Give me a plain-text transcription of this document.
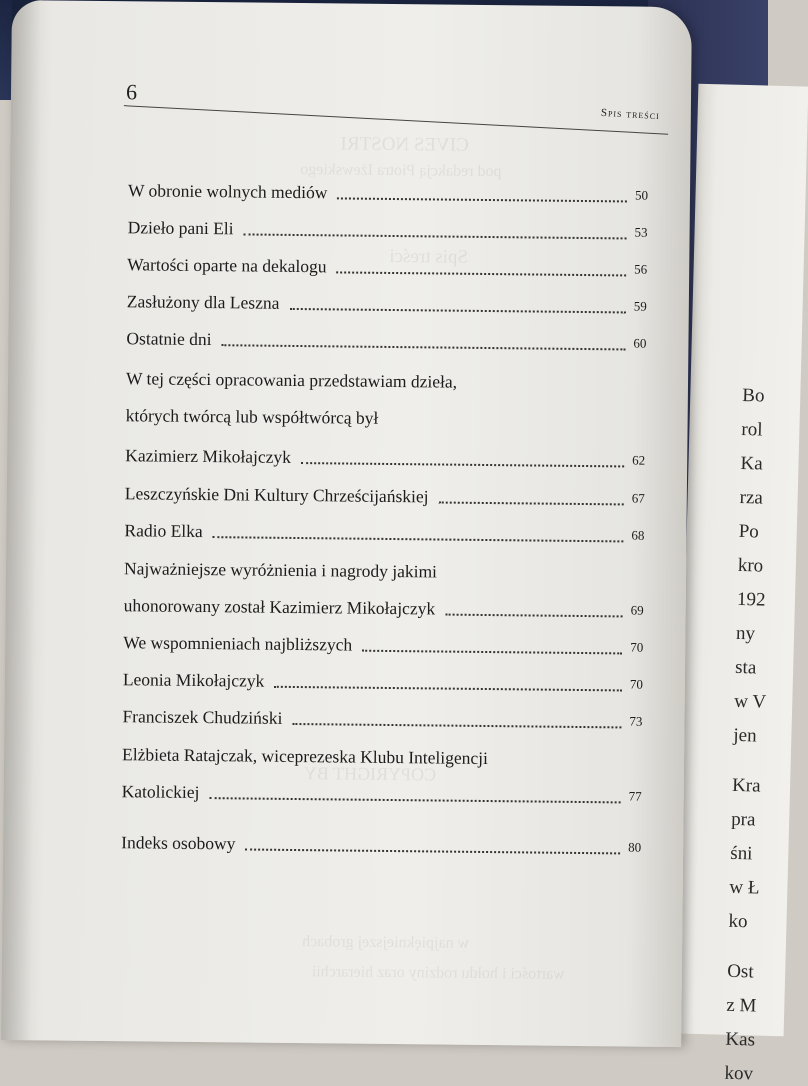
Bo
rol
Ka
rza
Po
kro
192
ny
sta
w V
jen
Kra
pra
śni
w Ł
ko
Ost
z M
Kas
kov
CIVES NOSTRI
pod redakcją Piotra Iżewskiego
Spis treści
COPYRIGHT BY
w najpiękniejszej grobach
wartości i hołdu rodziny oraz hierarchii
6
Spis treści
W obronie wolnych mediów	50
Dzieło pani Eli	53
Wartości oparte na dekalogu	56
Zasłużony dla Leszna	59
Ostatnie dni	60
W tej części opracowania przedstawiam dzieła,
których twórcą lub współtwórcą był
Kazimierz Mikołajczyk	62
Leszczyńskie Dni Kultury Chrześcijańskiej	67
Radio Elka	68
Najważniejsze wyróżnienia i nagrody jakimi
uhonorowany został Kazimierz Mikołajczyk	69
We wspomnieniach najbliższych	70
Leonia Mikołajczyk	70
Franciszek Chudziński	73
Elżbieta Ratajczak, wiceprezeska Klubu Inteligencji
Katolickiej	77
Indeks osobowy	80
